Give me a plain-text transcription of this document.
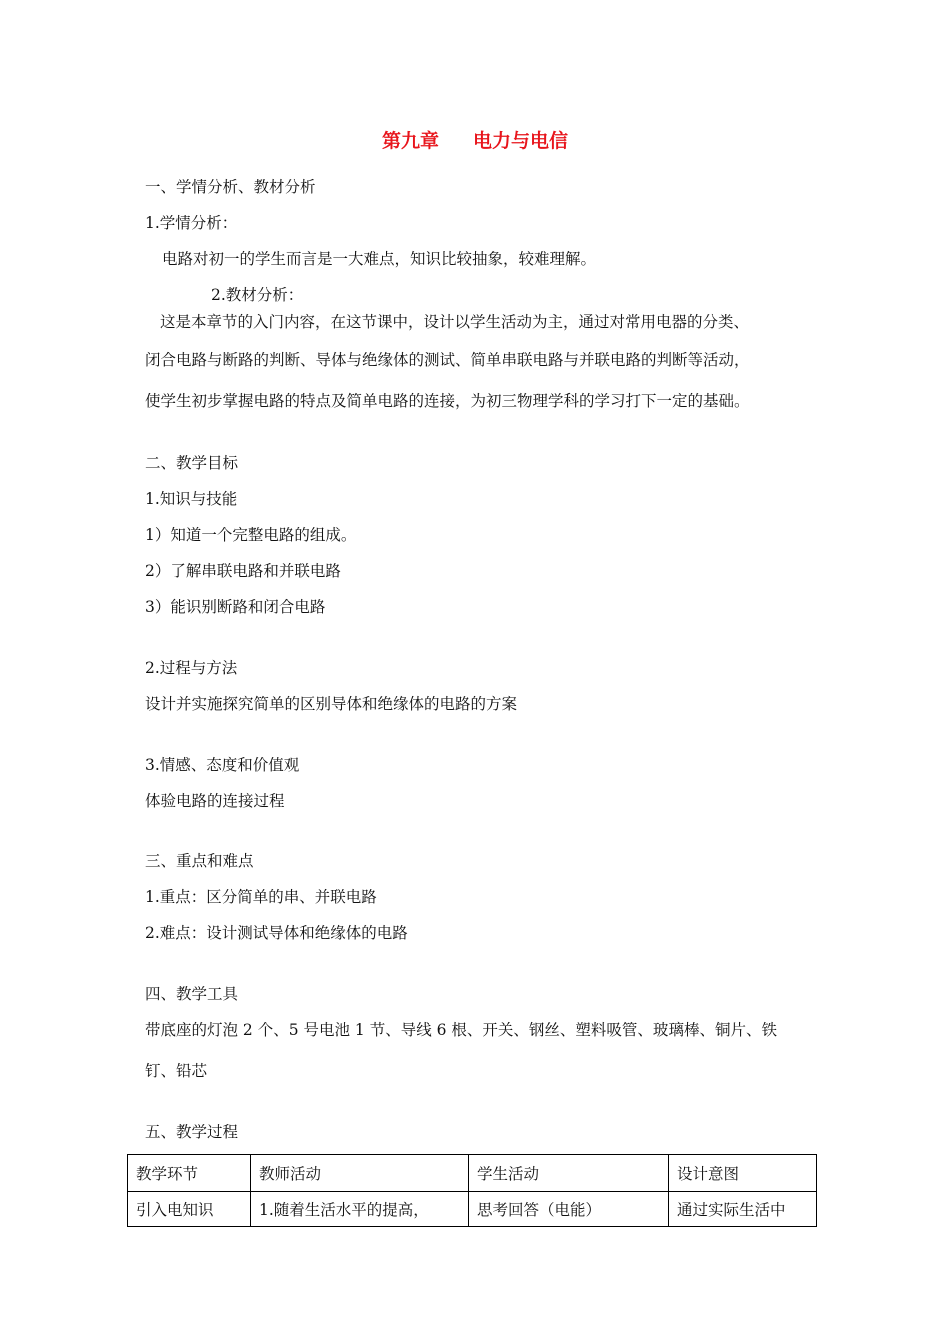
第九章 电力与电信
一、学情分析、教材分析
1.学情分析：
电路对初一的学生而言是一大难点，知识比较抽象，较难理解。
2.教材分析：
这是本章节的入门内容，在这节课中，设计以学生活动为主，通过对常用电器的分类、
闭合电路与断路的判断、导体与绝缘体的测试、简单串联电路与并联电路的判断等活动，
使学生初步掌握电路的特点及简单电路的连接，为初三物理学科的学习打下一定的基础。
二、教学目标
1.知识与技能
1）知道一个完整电路的组成。
2）了解串联电路和并联电路
3）能识别断路和闭合电路
2.过程与方法
设计并实施探究简单的区别导体和绝缘体的电路的方案
3.情感、态度和价值观
体验电路的连接过程
三、重点和难点
1.重点：区分简单的串、并联电路
2.难点：设计测试导体和绝缘体的电路
四、教学工具
带底座的灯泡 2 个、5 号电池 1 节、导线 6 根、开关、钢丝、塑料吸管、玻璃棒、铜片、铁
钉、铅芯
五、教学过程
教学环节	教师活动	学生活动	设计意图
引入电知识	1.随着生活水平的提高，	思考回答（电能）	通过实际生活中
